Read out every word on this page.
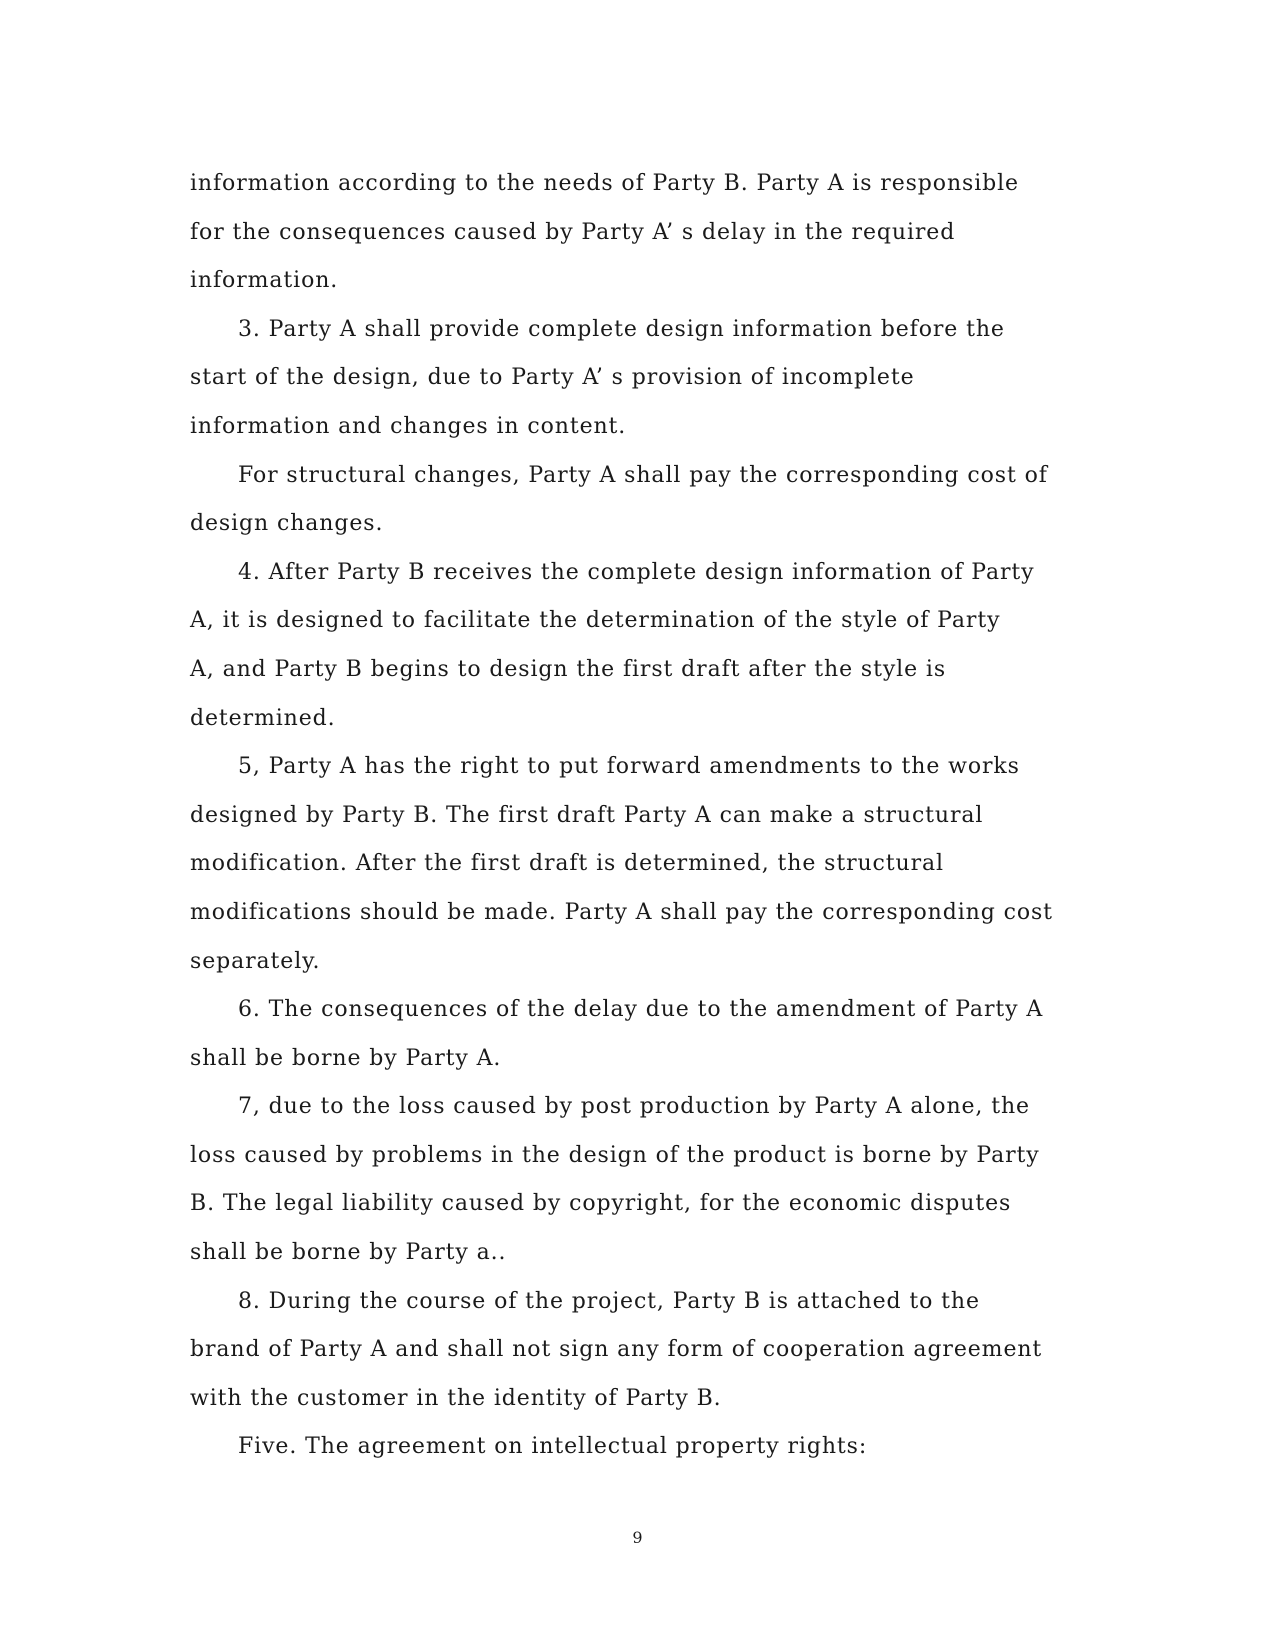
information according to the needs of Party B. Party A is responsible
for the consequences caused by Party A’ s delay in the required
information.
3. Party A shall provide complete design information before the
start of the design, due to Party A’ s provision of incomplete
information and changes in content.
For structural changes, Party A shall pay the corresponding cost of
design changes.
4. After Party B receives the complete design information of Party
A, it is designed to facilitate the determination of the style of Party
A, and Party B begins to design the first draft after the style is
determined.
5, Party A has the right to put forward amendments to the works
designed by Party B. The first draft Party A can make a structural
modification. After the first draft is determined, the structural
modifications should be made. Party A shall pay the corresponding cost
separately.
6. The consequences of the delay due to the amendment of Party A
shall be borne by Party A.
7, due to the loss caused by post production by Party A alone, the
loss caused by problems in the design of the product is borne by Party
B. The legal liability caused by copyright, for the economic disputes
shall be borne by Party a..
8. During the course of the project, Party B is attached to the
brand of Party A and shall not sign any form of cooperation agreement
with the customer in the identity of Party B.
Five. The agreement on intellectual property rights:
9
